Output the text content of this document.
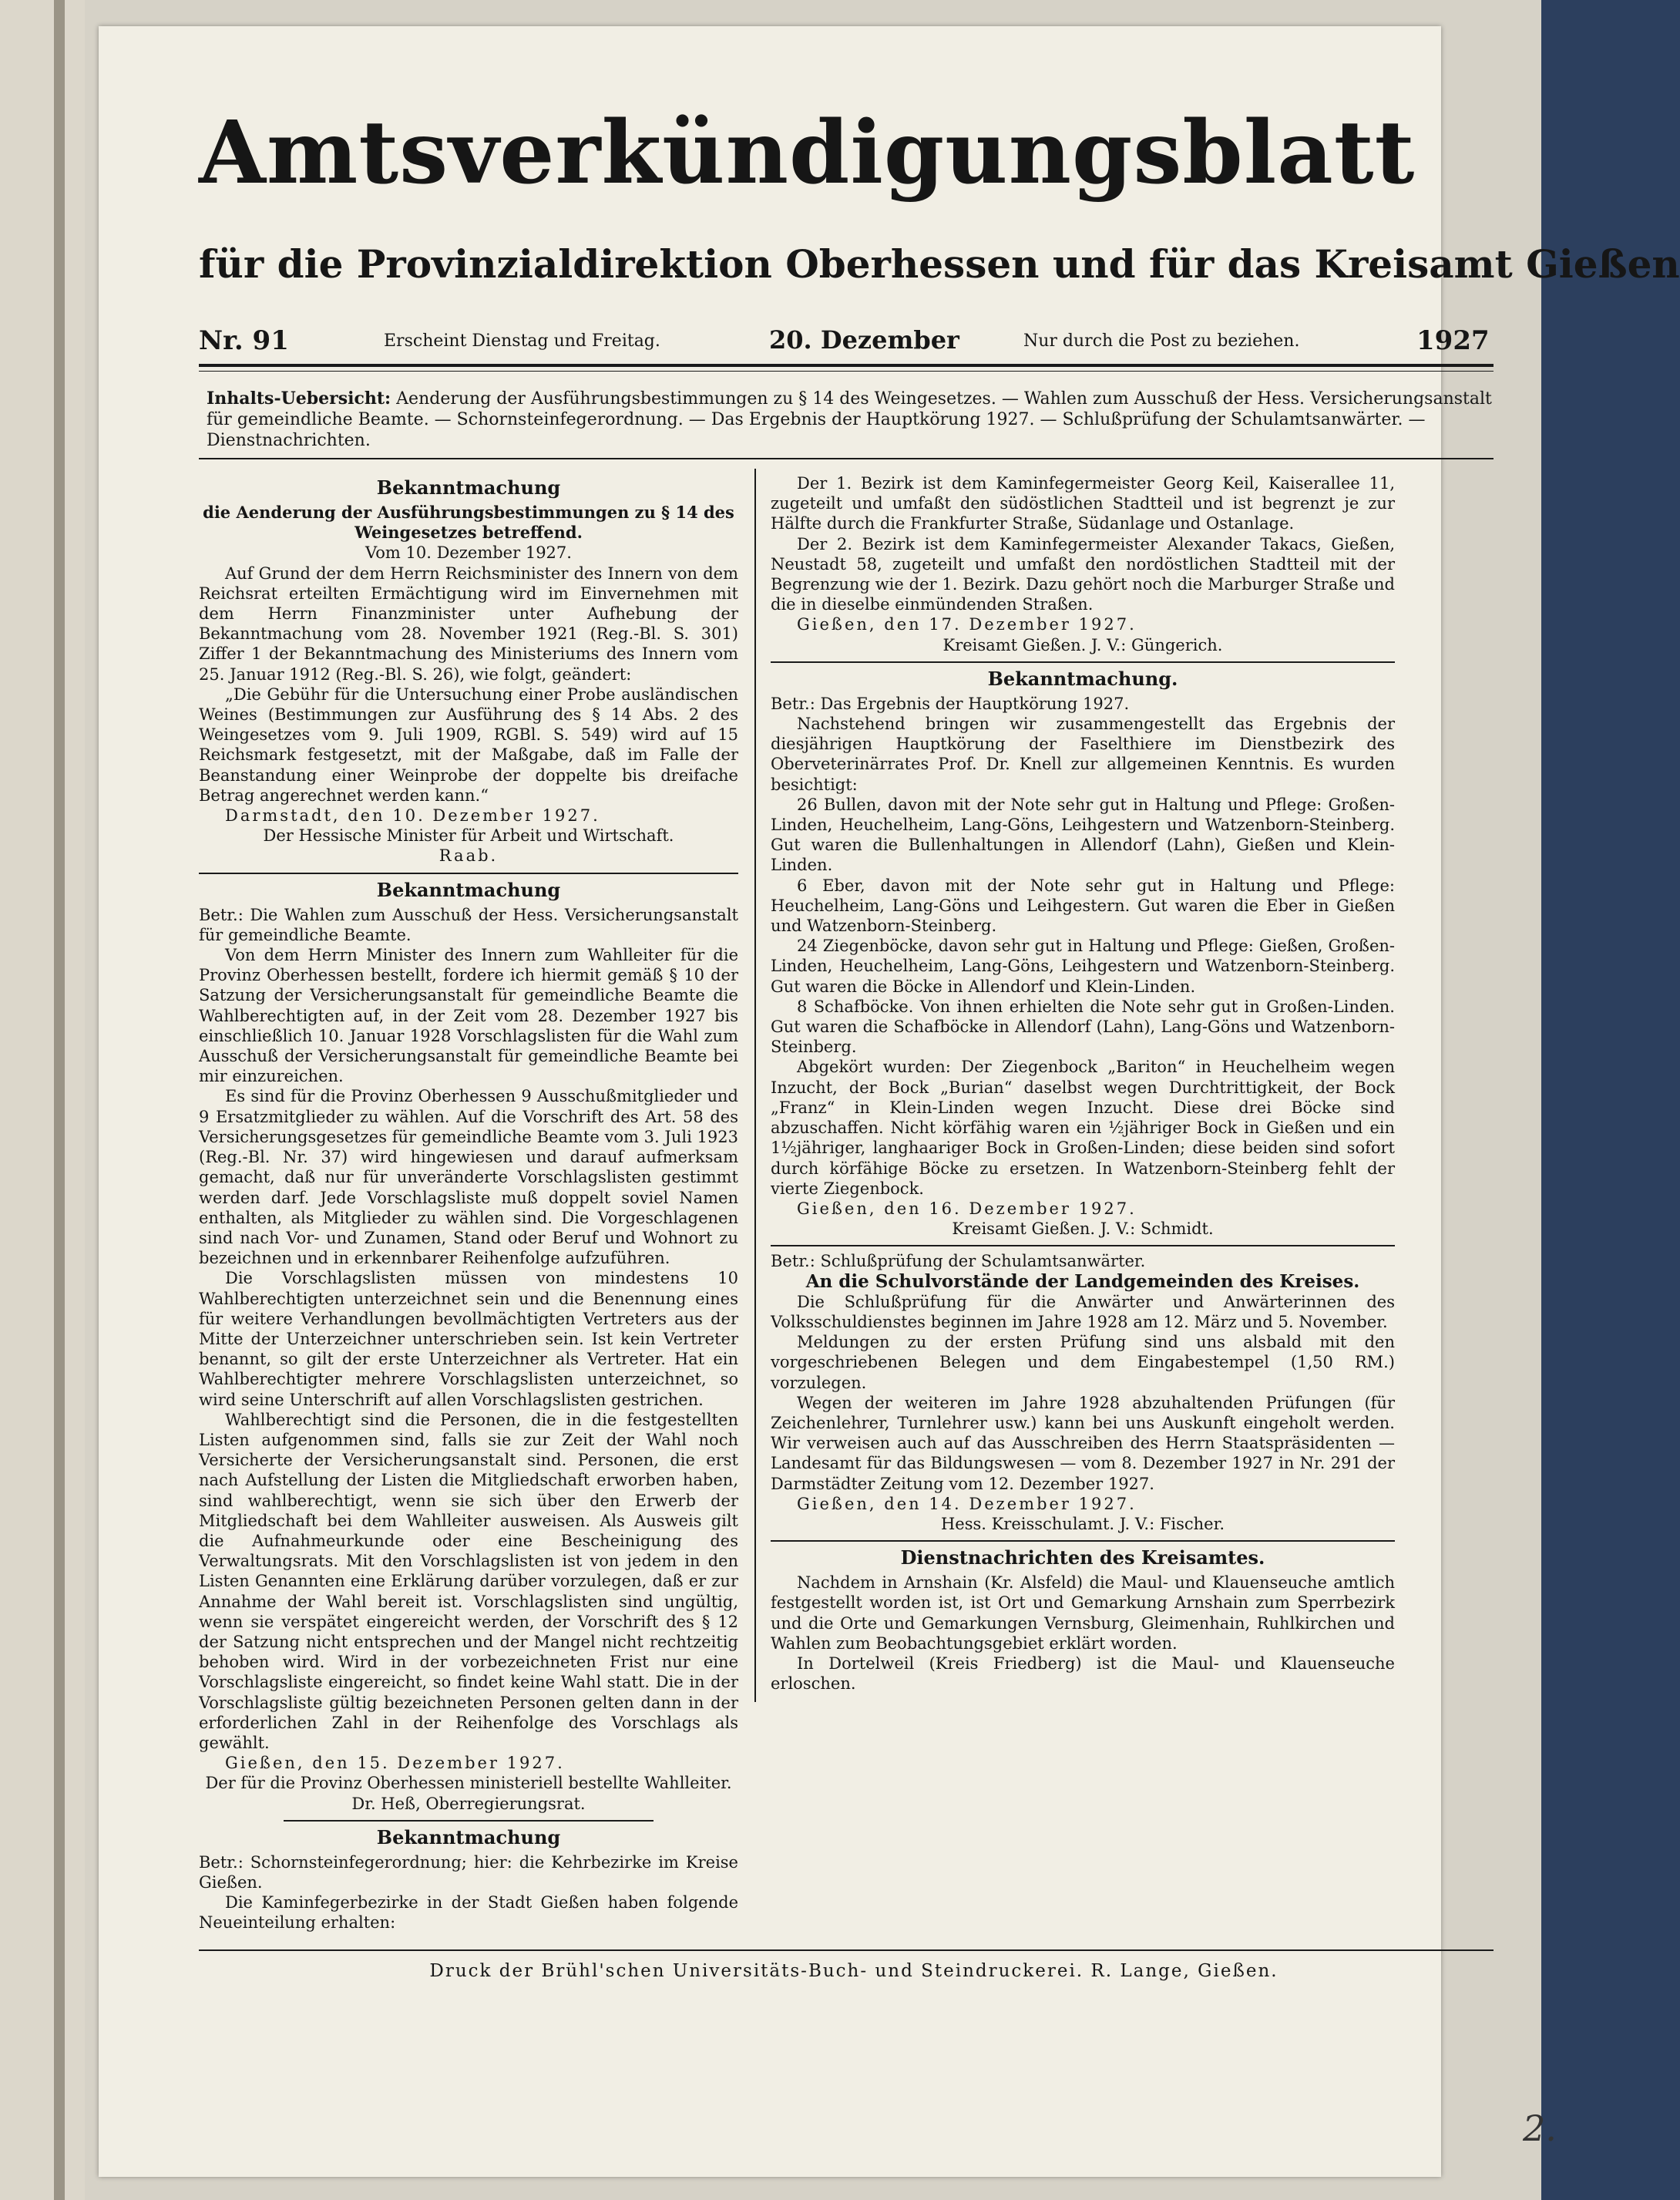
Amtsverkündigungsblatt
für die Provinzialdirektion Oberhessen und für das Kreisamt Gießen
Nr. 91	Erscheint Dienstag und Freitag.	20. Dezember	Nur durch die Post zu beziehen.	1927
Inhalts-Uebersicht: Aenderung der Ausführungsbestimmungen zu § 14 des Weingesetzes. — Wahlen zum Ausschuß der Hess. Versicherungsanstalt für gemeindliche Beamte. — Schornsteinfegerordnung. — Das Ergebnis der Hauptkörung 1927. — Schlußprüfung der Schulamtsanwärter. — Dienstnachrichten.

Bekanntmachung

die Aenderung der Ausführungsbestimmungen zu § 14 des Weingesetzes betreffend.

Vom 10. Dezember 1927.

Auf Grund der dem Herrn Reichsminister des Innern von dem Reichsrat erteilten Ermächtigung wird im Einvernehmen mit dem Herrn Finanzminister unter Aufhebung der Bekanntmachung vom 28. November 1921 (Reg.-Bl. S. 301) Ziffer 1 der Bekanntmachung des Ministeriums des Innern vom 25. Januar 1912 (Reg.-Bl. S. 26), wie folgt, geändert:

„Die Gebühr für die Untersuchung einer Probe ausländischen Weines (Bestimmungen zur Ausführung des § 14 Abs. 2 des Weingesetzes vom 9. Juli 1909, RGBl. S. 549) wird auf 15 Reichsmark festgesetzt, mit der Maßgabe, daß im Falle der Beanstandung einer Weinprobe der doppelte bis dreifache Betrag angerechnet werden kann.“

Darmstadt, den 10. Dezember 1927.

Der Hessische Minister für Arbeit und Wirtschaft.

Raab.

Bekanntmachung

Betr.: Die Wahlen zum Ausschuß der Hess. Versicherungsanstalt für gemeindliche Beamte.

Von dem Herrn Minister des Innern zum Wahlleiter für die Provinz Oberhessen bestellt, fordere ich hiermit gemäß § 10 der Satzung der Versicherungsanstalt für gemeindliche Beamte die Wahlberechtigten auf, in der Zeit vom 28. Dezember 1927 bis einschließlich 10. Januar 1928 Vorschlagslisten für die Wahl zum Ausschuß der Versicherungsanstalt für gemeindliche Beamte bei mir einzureichen.

Es sind für die Provinz Oberhessen 9 Ausschußmitglieder und 9 Ersatzmitglieder zu wählen. Auf die Vorschrift des Art. 58 des Versicherungsgesetzes für gemeindliche Beamte vom 3. Juli 1923 (Reg.-Bl. Nr. 37) wird hingewiesen und darauf aufmerksam gemacht, daß nur für unveränderte Vorschlagslisten gestimmt werden darf. Jede Vorschlagsliste muß doppelt soviel Namen enthalten, als Mitglieder zu wählen sind. Die Vorgeschlagenen sind nach Vor- und Zunamen, Stand oder Beruf und Wohnort zu bezeichnen und in erkennbarer Reihenfolge aufzuführen.

Die Vorschlagslisten müssen von mindestens 10 Wahlberechtigten unterzeichnet sein und die Benennung eines für weitere Verhandlungen bevollmächtigten Vertreters aus der Mitte der Unterzeichner unterschrieben sein. Ist kein Vertreter benannt, so gilt der erste Unterzeichner als Vertreter. Hat ein Wahlberechtigter mehrere Vorschlagslisten unterzeichnet, so wird seine Unterschrift auf allen Vorschlagslisten gestrichen.

Wahlberechtigt sind die Personen, die in die festgestellten Listen aufgenommen sind, falls sie zur Zeit der Wahl noch Versicherte der Versicherungsanstalt sind. Personen, die erst nach Aufstellung der Listen die Mitgliedschaft erworben haben, sind wahlberechtigt, wenn sie sich über den Erwerb der Mitgliedschaft bei dem Wahlleiter ausweisen. Als Ausweis gilt die Aufnahmeurkunde oder eine Bescheinigung des Verwaltungsrats. Mit den Vorschlagslisten ist von jedem in den Listen Genannten eine Erklärung darüber vorzulegen, daß er zur Annahme der Wahl bereit ist. Vorschlagslisten sind ungültig, wenn sie verspätet eingereicht werden, der Vorschrift des § 12 der Satzung nicht entsprechen und der Mangel nicht rechtzeitig behoben wird. Wird in der vorbezeichneten Frist nur eine Vorschlagsliste eingereicht, so findet keine Wahl statt. Die in der Vorschlagsliste gültig bezeichneten Personen gelten dann in der erforderlichen Zahl in der Reihenfolge des Vorschlags als gewählt.

Gießen, den 15. Dezember 1927.

Der für die Provinz Oberhessen ministeriell bestellte Wahlleiter.

Dr. Heß, Oberregierungsrat.

Bekanntmachung

Betr.: Schornsteinfegerordnung; hier: die Kehrbezirke im Kreise Gießen.

Die Kaminfegerbezirke in der Stadt Gießen haben folgende Neueinteilung erhalten:

Der 1. Bezirk ist dem Kaminfegermeister Georg Keil, Kaiserallee 11, zugeteilt und umfaßt den südöstlichen Stadtteil und ist begrenzt je zur Hälfte durch die Frankfurter Straße, Südanlage und Ostanlage.

Der 2. Bezirk ist dem Kaminfegermeister Alexander Takacs, Gießen, Neustadt 58, zugeteilt und umfaßt den nordöstlichen Stadtteil mit der Begrenzung wie der 1. Bezirk. Dazu gehört noch die Marburger Straße und die in dieselbe einmündenden Straßen.

Gießen, den 17. Dezember 1927.

Kreisamt Gießen. J. V.: Güngerich.

Bekanntmachung.

Betr.: Das Ergebnis der Hauptkörung 1927.

Nachstehend bringen wir zusammengestellt das Ergebnis der diesjährigen Hauptkörung der Faselthiere im Dienstbezirk des Oberveterinärrates Prof. Dr. Knell zur allgemeinen Kenntnis. Es wurden besichtigt:

26 Bullen, davon mit der Note sehr gut in Haltung und Pflege: Großen-Linden, Heuchelheim, Lang-Göns, Leihgestern und Watzenborn-Steinberg. Gut waren die Bullenhaltungen in Allendorf (Lahn), Gießen und Klein-Linden.

6 Eber, davon mit der Note sehr gut in Haltung und Pflege: Heuchelheim, Lang-Göns und Leihgestern. Gut waren die Eber in Gießen und Watzenborn-Steinberg.

24 Ziegenböcke, davon sehr gut in Haltung und Pflege: Gießen, Großen-Linden, Heuchelheim, Lang-Göns, Leihgestern und Watzenborn-Steinberg. Gut waren die Böcke in Allendorf und Klein-Linden.

8 Schafböcke. Von ihnen erhielten die Note sehr gut in Großen-Linden. Gut waren die Schafböcke in Allendorf (Lahn), Lang-Göns und Watzenborn-Steinberg.

Abgekört wurden: Der Ziegenbock „Bariton“ in Heuchelheim wegen Inzucht, der Bock „Burian“ daselbst wegen Durchtrittigkeit, der Bock „Franz“ in Klein-Linden wegen Inzucht. Diese drei Böcke sind abzuschaffen. Nicht körfähig waren ein ½jähriger Bock in Gießen und ein 1½jähriger, langhaariger Bock in Großen-Linden; diese beiden sind sofort durch körfähige Böcke zu ersetzen. In Watzenborn-Steinberg fehlt der vierte Ziegenbock.

Gießen, den 16. Dezember 1927.

Kreisamt Gießen. J. V.: Schmidt.

Betr.: Schlußprüfung der Schulamtsanwärter.

An die Schulvorstände der Landgemeinden des Kreises.

Die Schlußprüfung für die Anwärter und Anwärterinnen des Volksschuldienstes beginnen im Jahre 1928 am 12. März und 5. November.

Meldungen zu der ersten Prüfung sind uns alsbald mit den vorgeschriebenen Belegen und dem Eingabestempel (1,50 RM.) vorzulegen.

Wegen der weiteren im Jahre 1928 abzuhaltenden Prüfungen (für Zeichenlehrer, Turnlehrer usw.) kann bei uns Auskunft eingeholt werden. Wir verweisen auch auf das Ausschreiben des Herrn Staatspräsidenten — Landesamt für das Bildungswesen — vom 8. Dezember 1927 in Nr. 291 der Darmstädter Zeitung vom 12. Dezember 1927.

Gießen, den 14. Dezember 1927.

Hess. Kreisschulamt. J. V.: Fischer.

Dienstnachrichten des Kreisamtes.

Nachdem in Arnshain (Kr. Alsfeld) die Maul- und Klauenseuche amtlich festgestellt worden ist, ist Ort und Gemarkung Arnshain zum Sperrbezirk und die Orte und Gemarkungen Vernsburg, Gleimenhain, Ruhlkirchen und Wahlen zum Beobachtungsgebiet erklärt worden.

In Dortelweil (Kreis Friedberg) ist die Maul- und Klauenseuche erloschen.

Druck der Brühl'schen Universitäts-Buch- und Steindruckerei. R. Lange, Gießen.
2.
